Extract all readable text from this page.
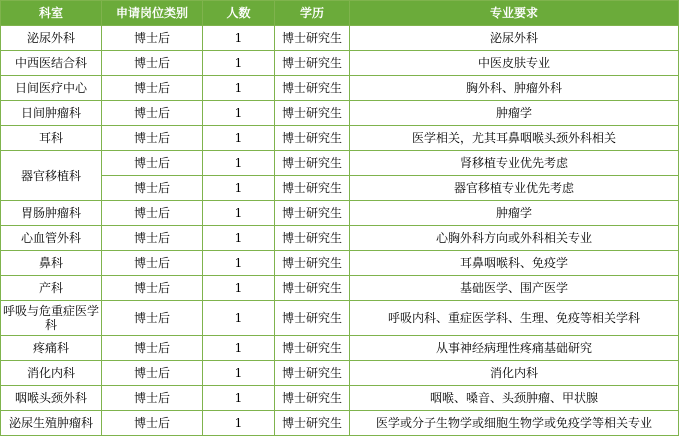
科室	申请岗位类别	人数	学历	专业要求
泌尿外科	博士后	1	博士研究生	泌尿外科
中西医结合科	博士后	1	博士研究生	中医皮肤专业
日间医疗中心	博士后	1	博士研究生	胸外科、肿瘤外科
日间肿瘤科	博士后	1	博士研究生	肿瘤学
耳科	博士后	1	博士研究生	医学相关，尤其耳鼻咽喉头颈外科相关
器官移植科	博士后	1	博士研究生	肾移植专业优先考虑
	博士后	1	博士研究生	器官移植专业优先考虑
胃肠肿瘤科	博士后	1	博士研究生	肿瘤学
心血管外科	博士后	1	博士研究生	心胸外科方向或外科相关专业
鼻科	博士后	1	博士研究生	耳鼻咽喉科、免疫学
产科	博士后	1	博士研究生	基础医学、围产医学
呼吸与危重症医学科	博士后	1	博士研究生	呼吸内科、重症医学科、生理、免疫等相关学科
疼痛科	博士后	1	博士研究生	从事神经病理性疼痛基础研究
消化内科	博士后	1	博士研究生	消化内科
咽喉头颈外科	博士后	1	博士研究生	咽喉、嗓音、头颈肿瘤、甲状腺
泌尿生殖肿瘤科	博士后	1	博士研究生	医学或分子生物学或细胞生物学或免疫学等相关专业
